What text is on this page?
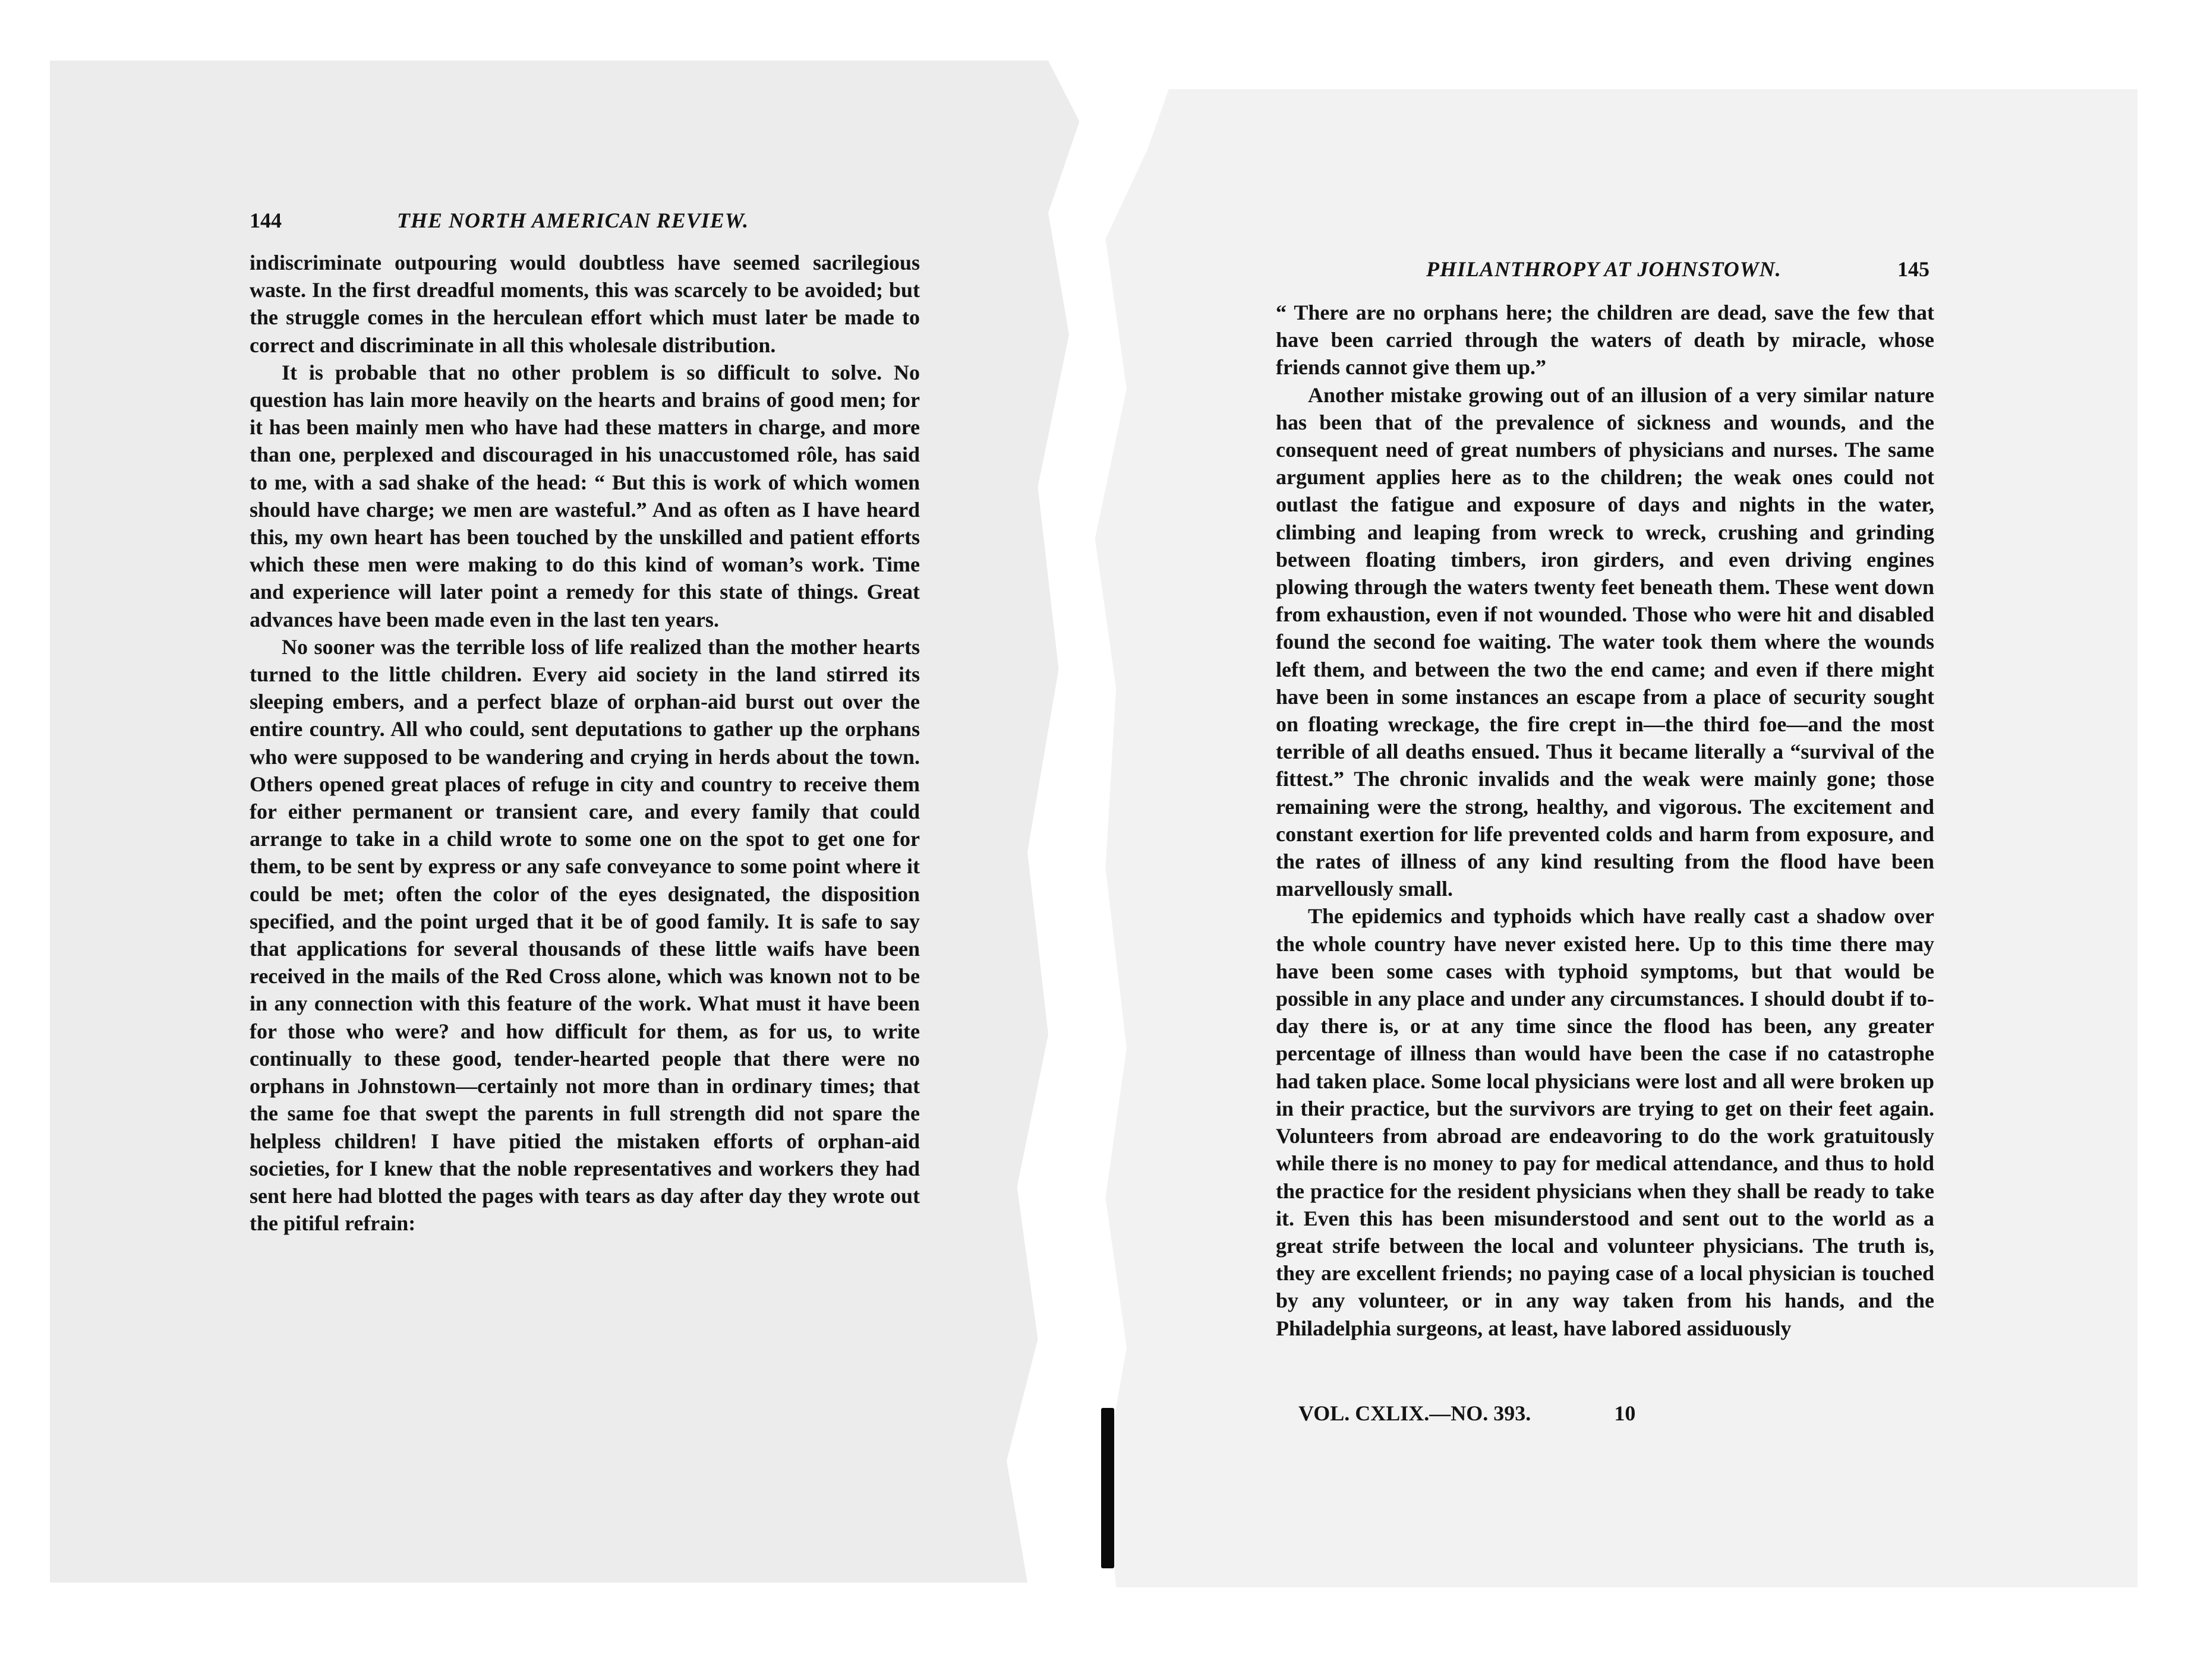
144	THE NORTH AMERICAN REVIEW.

indiscriminate outpouring would doubtless have seemed sacrilegious waste. In the first dreadful moments, this was scarcely to be avoided; but the struggle comes in the herculean effort which must later be made to correct and discriminate in all this wholesale distribution.

It is probable that no other problem is so difficult to solve. No question has lain more heavily on the hearts and brains of good men; for it has been mainly men who have had these matters in charge, and more than one, perplexed and discouraged in his unaccustomed rôle, has said to me, with a sad shake of the head: “ But this is work of which women should have charge; we men are wasteful.” And as often as I have heard this, my own heart has been touched by the unskilled and patient efforts which these men were making to do this kind of woman’s work. Time and experience will later point a remedy for this state of things. Great advances have been made even in the last ten years.

No sooner was the terrible loss of life realized than the mother hearts turned to the little children. Every aid society in the land stirred its sleeping embers, and a perfect blaze of orphan-aid burst out over the entire country. All who could, sent deputations to gather up the orphans who were supposed to be wandering and crying in herds about the town. Others opened great places of refuge in city and country to receive them for either permanent or transient care, and every family that could arrange to take in a child wrote to some one on the spot to get one for them, to be sent by express or any safe conveyance to some point where it could be met; often the color of the eyes designated, the disposition specified, and the point urged that it be of good family. It is safe to say that applications for several thousands of these little waifs have been received in the mails of the Red Cross alone, which was known not to be in any connection with this feature of the work. What must it have been for those who were? and how difficult for them, as for us, to write continually to these good, tender-hearted people that there were no orphans in Johnstown—certainly not more than in ordinary times; that the same foe that swept the parents in full strength did not spare the helpless children! I have pitied the mistaken efforts of orphan-aid societies, for I knew that the noble representatives and workers they had sent here had blotted the pages with tears as day after day they wrote out the pitiful refrain:

PHILANTHROPY AT JOHNSTOWN.	145

“ There are no orphans here; the children are dead, save the few that have been carried through the waters of death by miracle, whose friends cannot give them up.”

Another mistake growing out of an illusion of a very similar nature has been that of the prevalence of sickness and wounds, and the consequent need of great numbers of physicians and nurses. The same argument applies here as to the children; the weak ones could not outlast the fatigue and exposure of days and nights in the water, climbing and leaping from wreck to wreck, crushing and grinding between floating timbers, iron girders, and even driving engines plowing through the waters twenty feet beneath them. These went down from exhaustion, even if not wounded. Those who were hit and disabled found the second foe waiting. The water took them where the wounds left them, and between the two the end came; and even if there might have been in some instances an escape from a place of security sought on floating wreckage, the fire crept in—the third foe—and the most terrible of all deaths ensued. Thus it became literally a “survival of the fittest.” The chronic invalids and the weak were mainly gone; those remaining were the strong, healthy, and vigorous. The excitement and constant exertion for life prevented colds and harm from exposure, and the rates of illness of any kind resulting from the flood have been marvellously small.

The epidemics and typhoids which have really cast a shadow over the whole country have never existed here. Up to this time there may have been some cases with typhoid symptoms, but that would be possible in any place and under any circumstances. I should doubt if to-day there is, or at any time since the flood has been, any greater percentage of illness than would have been the case if no catastrophe had taken place. Some local physicians were lost and all were broken up in their practice, but the survivors are trying to get on their feet again. Volunteers from abroad are endeavoring to do the work gratuitously while there is no money to pay for medical attendance, and thus to hold the practice for the resident physicians when they shall be ready to take it. Even this has been misunderstood and sent out to the world as a great strife between the local and volunteer physicians. The truth is, they are excellent friends; no paying case of a local physician is touched by any volunteer, or in any way taken from his hands, and the Philadelphia surgeons, at least, have labored assiduously

VOL. CXLIX.—NO. 393.	10
